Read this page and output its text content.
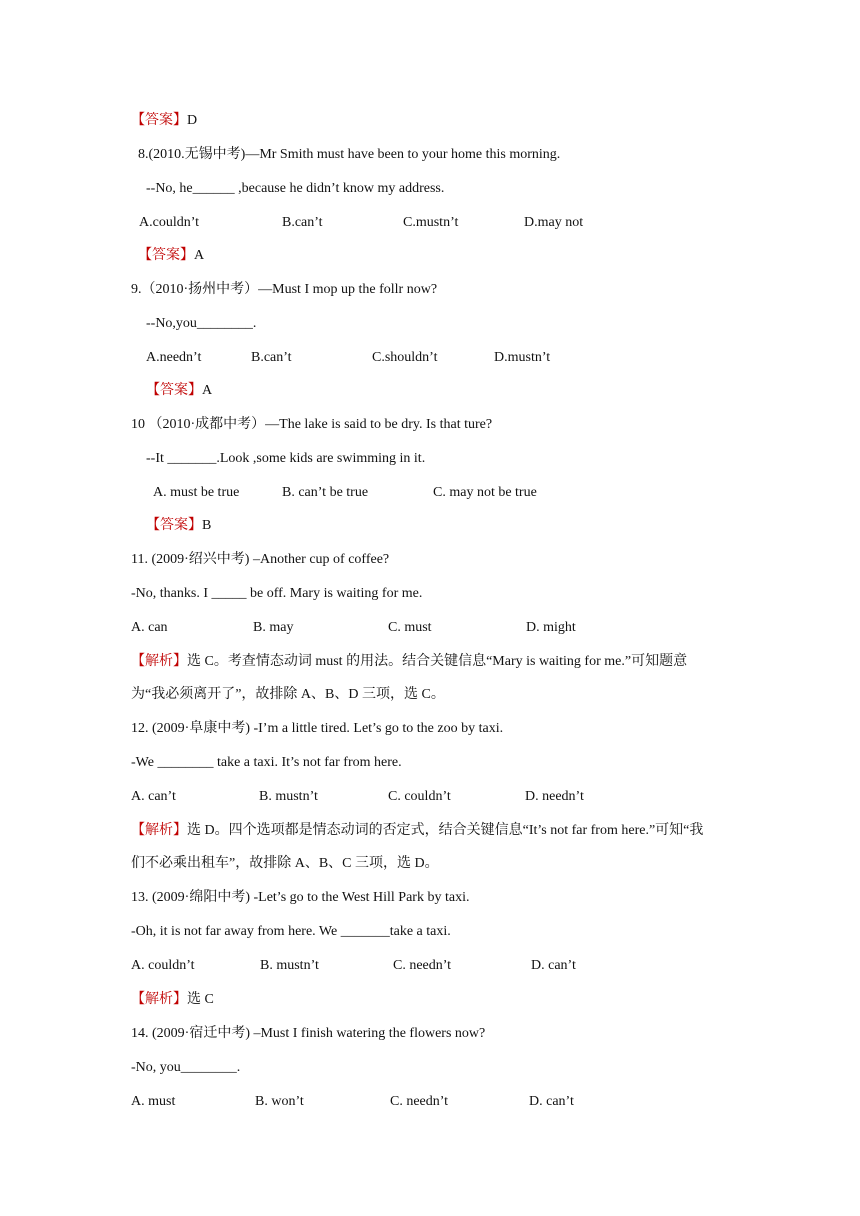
【答案】D
8.(2010.无锡中考)—Mr Smith must have been to your home this morning.
--No, he______ ,because he didn’t know my address.
A.couldn’t	B.can’t	C.mustn’t	D.may not
【答案】A
9.（2010·扬州中考）—Must I mop up the follr now?
--No,you________.
A.needn’t	B.can’t	C.shouldn’t	D.mustn’t
【答案】A
10 （2010·成都中考）—The lake is said to be dry. Is that ture?
--It _______.Look ,some kids are swimming in it.
A. must be true	B. can’t be true	C. may not be true
【答案】B
11. (2009·绍兴中考) –Another cup of coffee?
-No, thanks. I _____ be off. Mary is waiting for me.
A. can	B. may	C. must	D. might
【解析】选 C。考查情态动词 must 的用法。结合关键信息“Mary is waiting for me.”可知题意
为“我必须离开了”，故排除 A、B、D 三项，选 C。
12. (2009·阜康中考) -I’m a little tired. Let’s go to the zoo by taxi.
-We ________ take a taxi. It’s not far from here.
A. can’t	B. mustn’t	C. couldn’t	D. needn’t
【解析】选 D。四个选项都是情态动词的否定式，结合关键信息“It’s not far from here.”可知“我
们不必乘出租车”，故排除 A、B、C 三项，选 D。
13. (2009·绵阳中考) -Let’s go to the West Hill Park by taxi.
-Oh, it is not far away from here. We _______take a taxi.
A. couldn’t	B. mustn’t	C. needn’t	D. can’t
【解析】选 C
14. (2009·宿迁中考) –Must I finish watering the flowers now?
-No, you________.
A. must	B. won’t	C. needn’t	D. can’t
